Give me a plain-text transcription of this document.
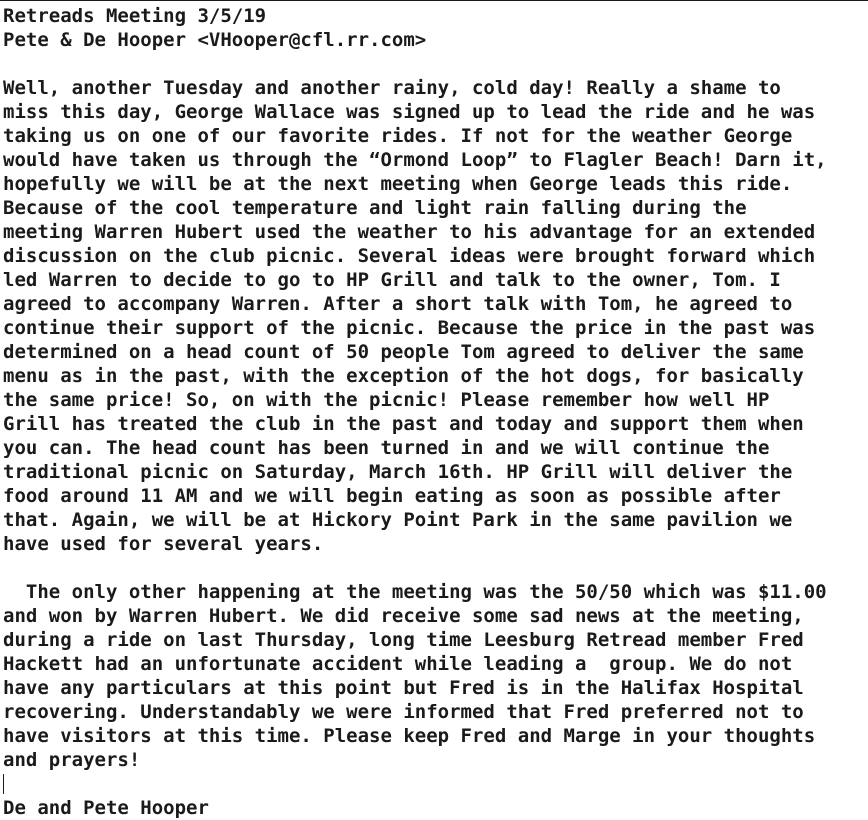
Retreads Meeting 3/5/19
Pete & De Hooper <VHooper@cfl.rr.com>
Well, another Tuesday and another rainy, cold day! Really a shame to
miss this day, George Wallace was signed up to lead the ride and he was
taking us on one of our favorite rides. If not for the weather George
would have taken us through the “Ormond Loop” to Flagler Beach! Darn it,
hopefully we will be at the next meeting when George leads this ride.
Because of the cool temperature and light rain falling during the
meeting Warren Hubert used the weather to his advantage for an extended
discussion on the club picnic. Several ideas were brought forward which
led Warren to decide to go to HP Grill and talk to the owner, Tom. I
agreed to accompany Warren. After a short talk with Tom, he agreed to
continue their support of the picnic. Because the price in the past was
determined on a head count of 50 people Tom agreed to deliver the same
menu as in the past, with the exception of the hot dogs, for basically
the same price! So, on with the picnic! Please remember how well HP
Grill has treated the club in the past and today and support them when
you can. The head count has been turned in and we will continue the
traditional picnic on Saturday, March 16th. HP Grill will deliver the
food around 11 AM and we will begin eating as soon as possible after
that. Again, we will be at Hickory Point Park in the same pavilion we
have used for several years.
The only other happening at the meeting was the 50/50 which was $11.00
and won by Warren Hubert. We did receive some sad news at the meeting,
during a ride on last Thursday, long time Leesburg Retread member Fred
Hackett had an unfortunate accident while leading a  group. We do not
have any particulars at this point but Fred is in the Halifax Hospital
recovering. Understandably we were informed that Fred preferred not to
have visitors at this time. Please keep Fred and Marge in your thoughts
and prayers!
De and Pete Hooper
